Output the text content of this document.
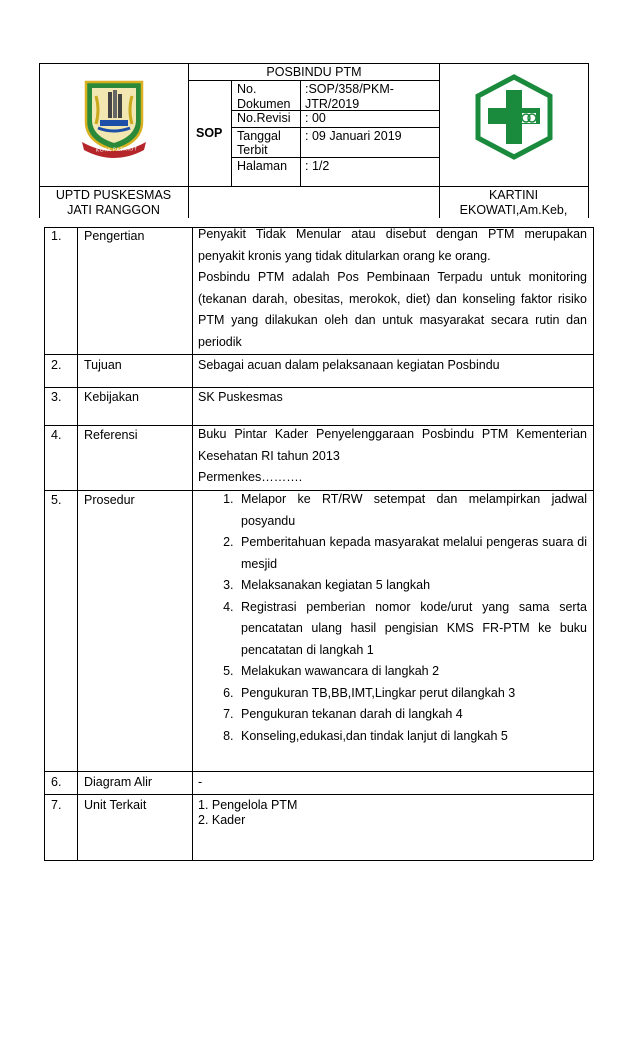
POSBINDU PTM
SOP
No. Dokumen
:SOP/358/PKM-JTR/2019
No.Revisi : 00
Tanggal Terbit
: 09 Januari 2019
Halaman : 1/2
KOTA PATRIOT
UPTD PUSKESMAS
JATI RANGGON
KARTINI
EKOWATI,Am.Keb,
1. Pengertian	Penyakit Tidak Menular atau disebut dengan PTM merupakan penyakit kronis yang tidak ditularkan orang ke orang.
Posbindu PTM adalah Pos Pembinaan Terpadu untuk monitoring (tekanan darah, obesitas, merokok, diet) dan konseling faktor risiko PTM yang dilakukan oleh dan untuk masyarakat secara rutin dan periodik
2. Tujuan	Sebagai acuan dalam pelaksanaan kegiatan Posbindu
3. Kebijakan	SK Puskesmas
4. Referensi	Buku Pintar Kader Penyelenggaraan Posbindu PTM Kementerian Kesehatan RI tahun 2013
Permenkes……….
5. Prosedur
1.	Melapor ke RT/RW setempat dan melampirkan jadwal posyandu
2. Pemberitahuan kepada masyarakat melalui pengeras suara di mesjid
3. Melaksanakan kegiatan 5 langkah
4. Registrasi pemberian nomor kode/urut yang sama serta pencatatan ulang hasil pengisian KMS FR-PTM ke buku pencatatan di langkah 1
5. Melakukan wawancara di langkah 2
6. Pengukuran TB,BB,IMT,Lingkar perut dilangkah 3
7. Pengukuran tekanan darah di langkah 4
8. Konseling,edukasi,dan tindak lanjut di langkah 5
6. Diagram Alir	-
7. Unit Terkait	1. Pengelola PTM
2. Kader
